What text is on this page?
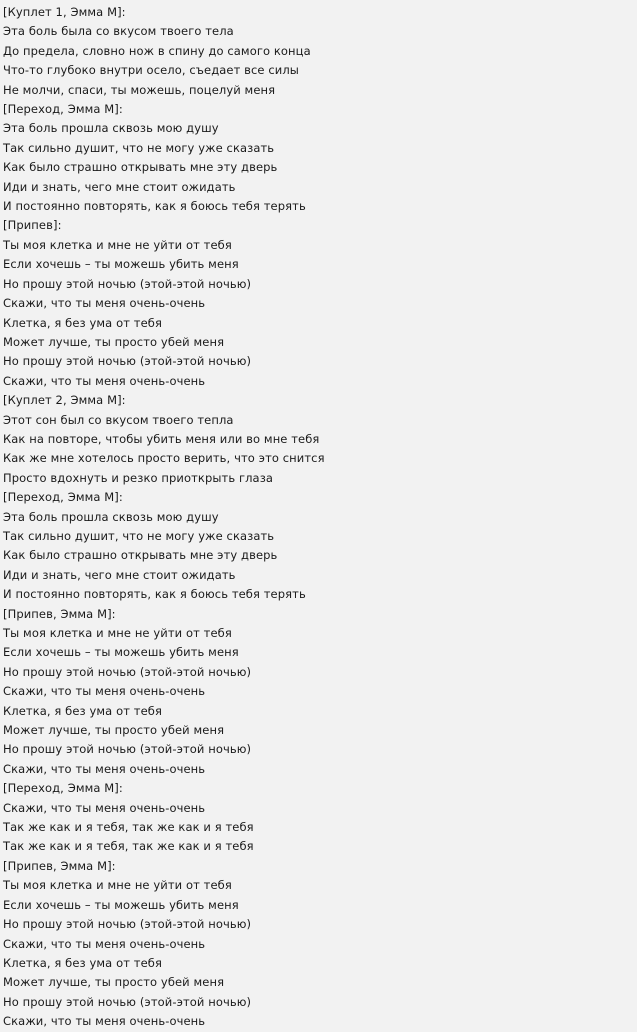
[Куплет 1, Эмма М]:
Эта боль была со вкусом твоего тела
До предела, словно нож в спину до самого конца
Что-то глубоко внутри осело, съедает все силы
Не молчи, спаси, ты можешь, поцелуй меня
[Переход, Эмма М]:
Эта боль прошла сквозь мою душу
Так сильно душит, что не могу уже сказать
Как было страшно открывать мне эту дверь
Иди и знать, чего мне стоит ожидать
И постоянно повторять, как я боюсь тебя терять
[Припев]:
Ты моя клетка и мне не уйти от тебя
Если хочешь – ты можешь убить меня
Но прошу этой ночью (этой-этой ночью)
Скажи, что ты меня очень-очень
Клетка, я без ума от тебя
Может лучше, ты просто убей меня
Но прошу этой ночью (этой-этой ночью)
Скажи, что ты меня очень-очень
[Куплет 2, Эмма М]:
Этот сон был со вкусом твоего тепла
Как на повторе, чтобы убить меня или во мне тебя
Как же мне хотелось просто верить, что это снится
Просто вдохнуть и резко приоткрыть глаза
[Переход, Эмма М]:
Эта боль прошла сквозь мою душу
Так сильно душит, что не могу уже сказать
Как было страшно открывать мне эту дверь
Иди и знать, чего мне стоит ожидать
И постоянно повторять, как я боюсь тебя терять
[Припев, Эмма М]:
Ты моя клетка и мне не уйти от тебя
Если хочешь – ты можешь убить меня
Но прошу этой ночью (этой-этой ночью)
Скажи, что ты меня очень-очень
Клетка, я без ума от тебя
Может лучше, ты просто убей меня
Но прошу этой ночью (этой-этой ночью)
Скажи, что ты меня очень-очень
[Переход, Эмма М]:
Скажи, что ты меня очень-очень
Так же как и я тебя, так же как и я тебя
Так же как и я тебя, так же как и я тебя
[Припев, Эмма М]:
Ты моя клетка и мне не уйти от тебя
Если хочешь – ты можешь убить меня
Но прошу этой ночью (этой-этой ночью)
Скажи, что ты меня очень-очень
Клетка, я без ума от тебя
Может лучше, ты просто убей меня
Но прошу этой ночью (этой-этой ночью)
Скажи, что ты меня очень-очень
